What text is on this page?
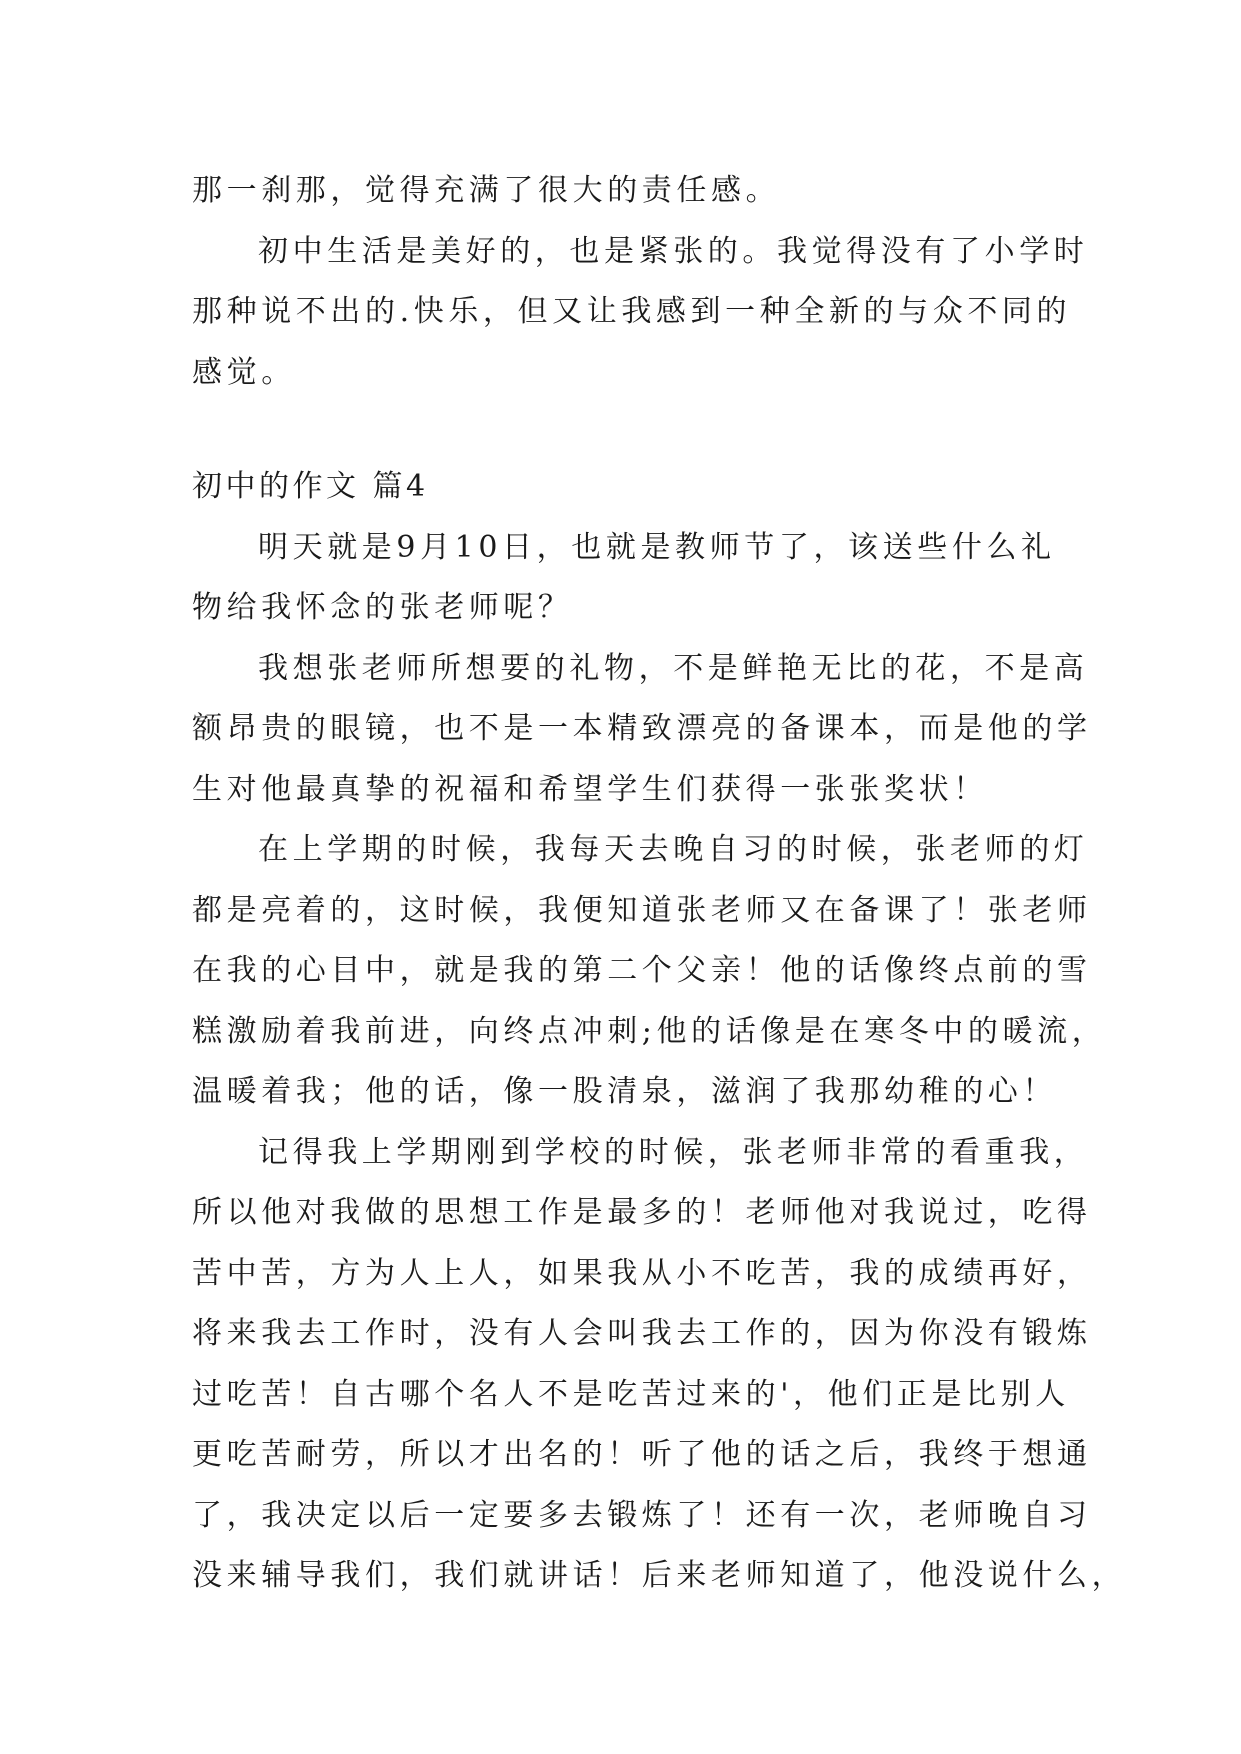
那一刹那，觉得充满了很大的责任感。
初中生活是美好的，也是紧张的。我觉得没有了小学时
那种说不出的.快乐，但又让我感到一种全新的与众不同的
感觉。
初中的作文 篇4
明天就是9月10日，也就是教师节了，该送些什么礼
物给我怀念的张老师呢？
我想张老师所想要的礼物，不是鲜艳无比的花，不是高
额昂贵的眼镜，也不是一本精致漂亮的备课本，而是他的学
生对他最真挚的祝福和希望学生们获得一张张奖状！
在上学期的时候，我每天去晚自习的时候，张老师的灯
都是亮着的，这时候，我便知道张老师又在备课了！张老师
在我的心目中，就是我的第二个父亲！他的话像终点前的雪
糕激励着我前进，向终点冲刺;他的话像是在寒冬中的暖流，
温暖着我；他的话，像一股清泉，滋润了我那幼稚的心！
记得我上学期刚到学校的时候，张老师非常的看重我，
所以他对我做的思想工作是最多的！老师他对我说过，吃得
苦中苦，方为人上人，如果我从小不吃苦，我的成绩再好，
将来我去工作时，没有人会叫我去工作的，因为你没有锻炼
过吃苦！自古哪个名人不是吃苦过来的'，他们正是比别人
更吃苦耐劳，所以才出名的！听了他的话之后，我终于想通
了，我决定以后一定要多去锻炼了！还有一次，老师晚自习
没来辅导我们，我们就讲话！后来老师知道了，他没说什么，
